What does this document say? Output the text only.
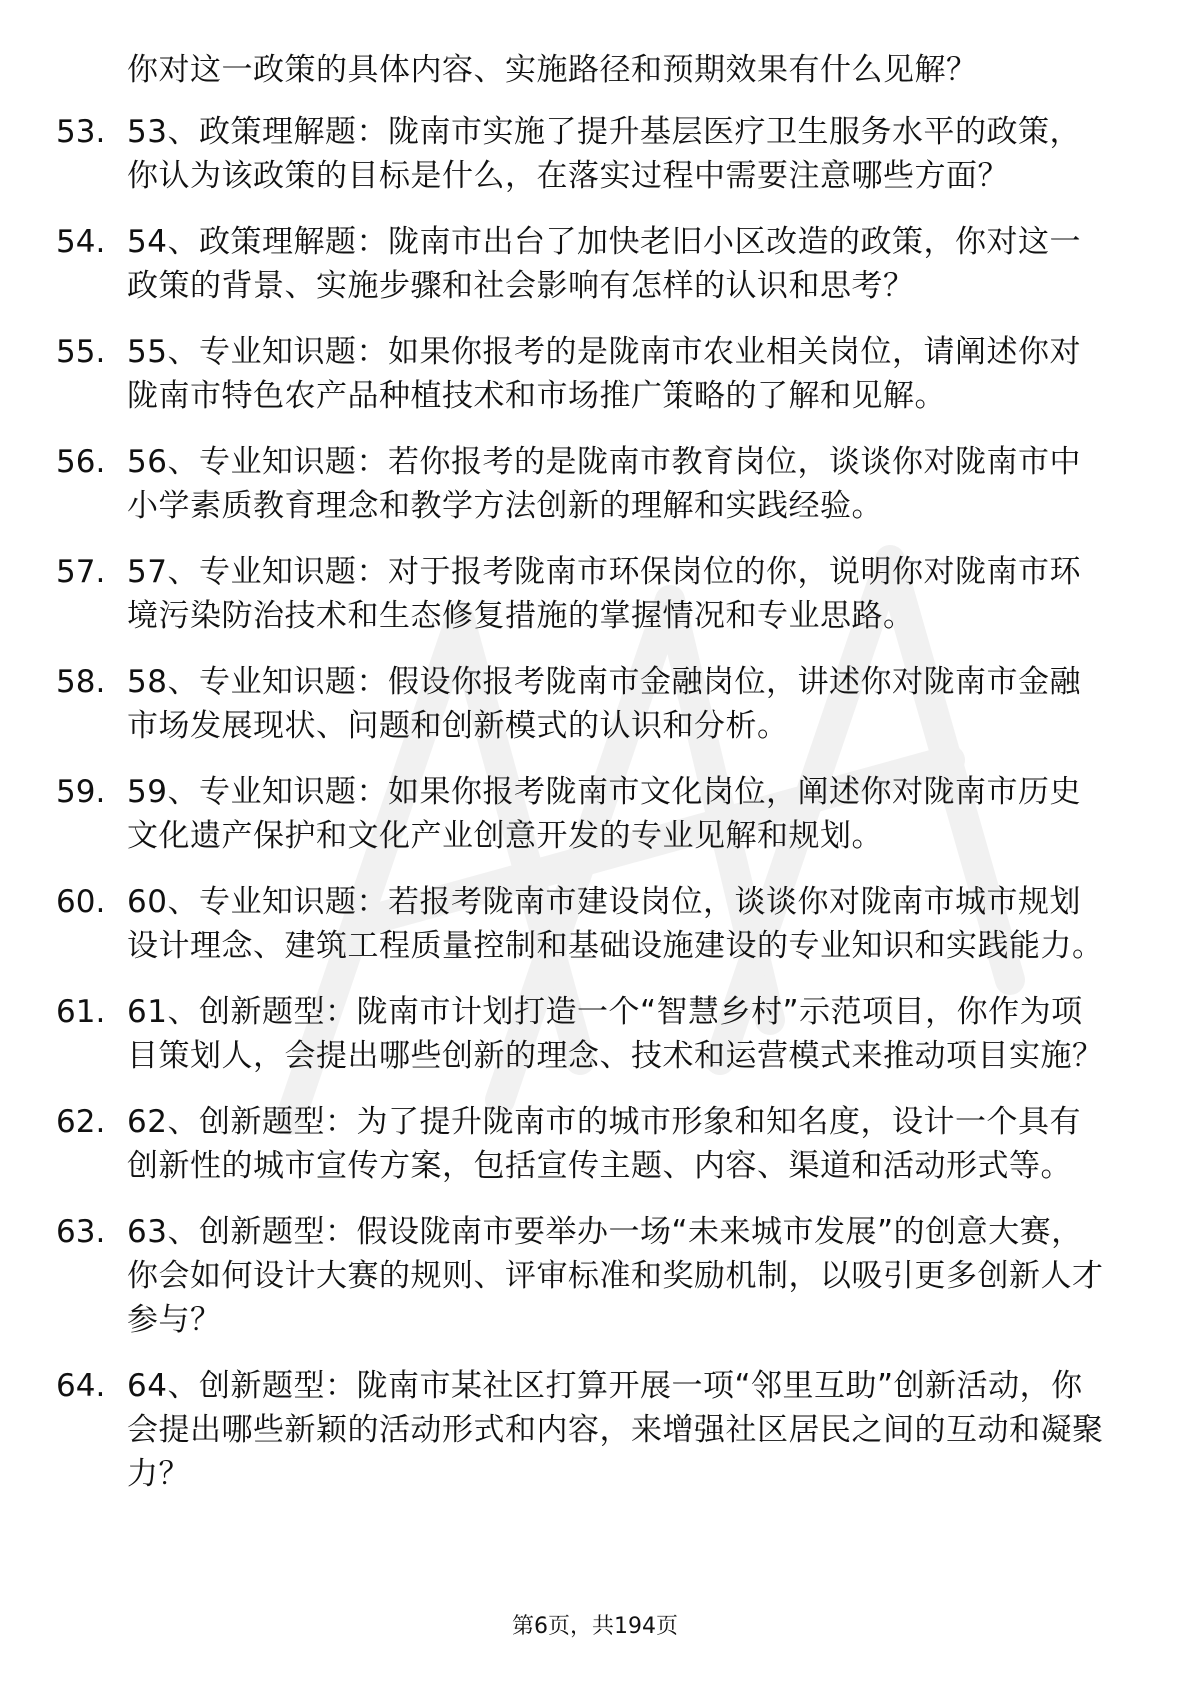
你对这一政策的具体内容、实施路径和预期效果有什么见解？
53. 53、政策理解题：陇南市实施了提升基层医疗卫生服务水平的政策，你认为该政策的目标是什么，在落实过程中需要注意哪些方面？
54. 54、政策理解题：陇南市出台了加快老旧小区改造的政策，你对这一政策的背景、实施步骤和社会影响有怎样的认识和思考？
55. 55、专业知识题：如果你报考的是陇南市农业相关岗位，请阐述你对陇南市特色农产品种植技术和市场推广策略的了解和见解。
56. 56、专业知识题：若你报考的是陇南市教育岗位，谈谈你对陇南市中小学素质教育理念和教学方法创新的理解和实践经验。
57. 57、专业知识题：对于报考陇南市环保岗位的你，说明你对陇南市环境污染防治技术和生态修复措施的掌握情况和专业思路。
58. 58、专业知识题：假设你报考陇南市金融岗位，讲述你对陇南市金融市场发展现状、问题和创新模式的认识和分析。
59. 59、专业知识题：如果你报考陇南市文化岗位，阐述你对陇南市历史文化遗产保护和文化产业创意开发的专业见解和规划。
60. 60、专业知识题：若报考陇南市建设岗位，谈谈你对陇南市城市规划设计理念、建筑工程质量控制和基础设施建设的专业知识和实践能力。
61. 61、创新题型：陇南市计划打造一个“智慧乡村”示范项目，你作为项目策划人，会提出哪些创新的理念、技术和运营模式来推动项目实施？
62. 62、创新题型：为了提升陇南市的城市形象和知名度，设计一个具有创新性的城市宣传方案，包括宣传主题、内容、渠道和活动形式等。
63. 63、创新题型：假设陇南市要举办一场“未来城市发展”的创意大赛，你会如何设计大赛的规则、评审标准和奖励机制，以吸引更多创新人才参与？
64. 64、创新题型：陇南市某社区打算开展一项“邻里互助”创新活动，你会提出哪些新颖的活动形式和内容，来增强社区居民之间的互动和凝聚力？
第6页，共194页
